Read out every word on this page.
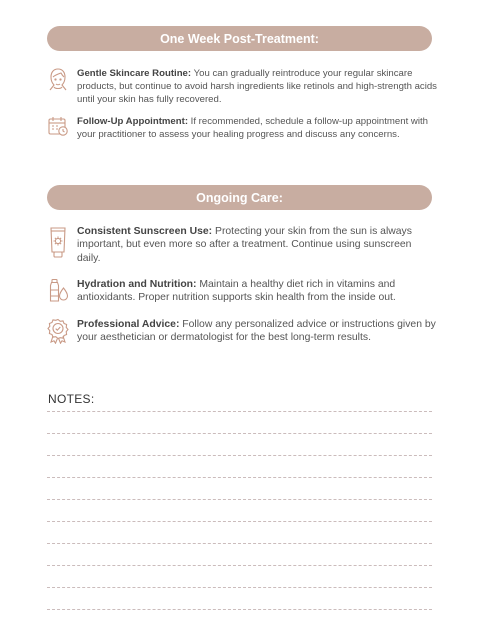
One Week Post-Treatment:
Gentle Skincare Routine: You can gradually reintroduce your regular skincare products, but continue to avoid harsh ingredients like retinols and high-strength acids until your skin has fully recovered.
Follow-Up Appointment: If recommended, schedule a follow-up appointment with your practitioner to assess your healing progress and discuss any concerns.
Ongoing Care:
Consistent Sunscreen Use: Protecting your skin from the sun is always important, but even more so after a treatment. Continue using sunscreen daily.
Hydration and Nutrition: Maintain a healthy diet rich in vitamins and antioxidants. Proper nutrition supports skin health from the inside out.
Professional Advice: Follow any personalized advice or instructions given by your aesthetician or dermatologist for the best long-term results.
NOTES:
